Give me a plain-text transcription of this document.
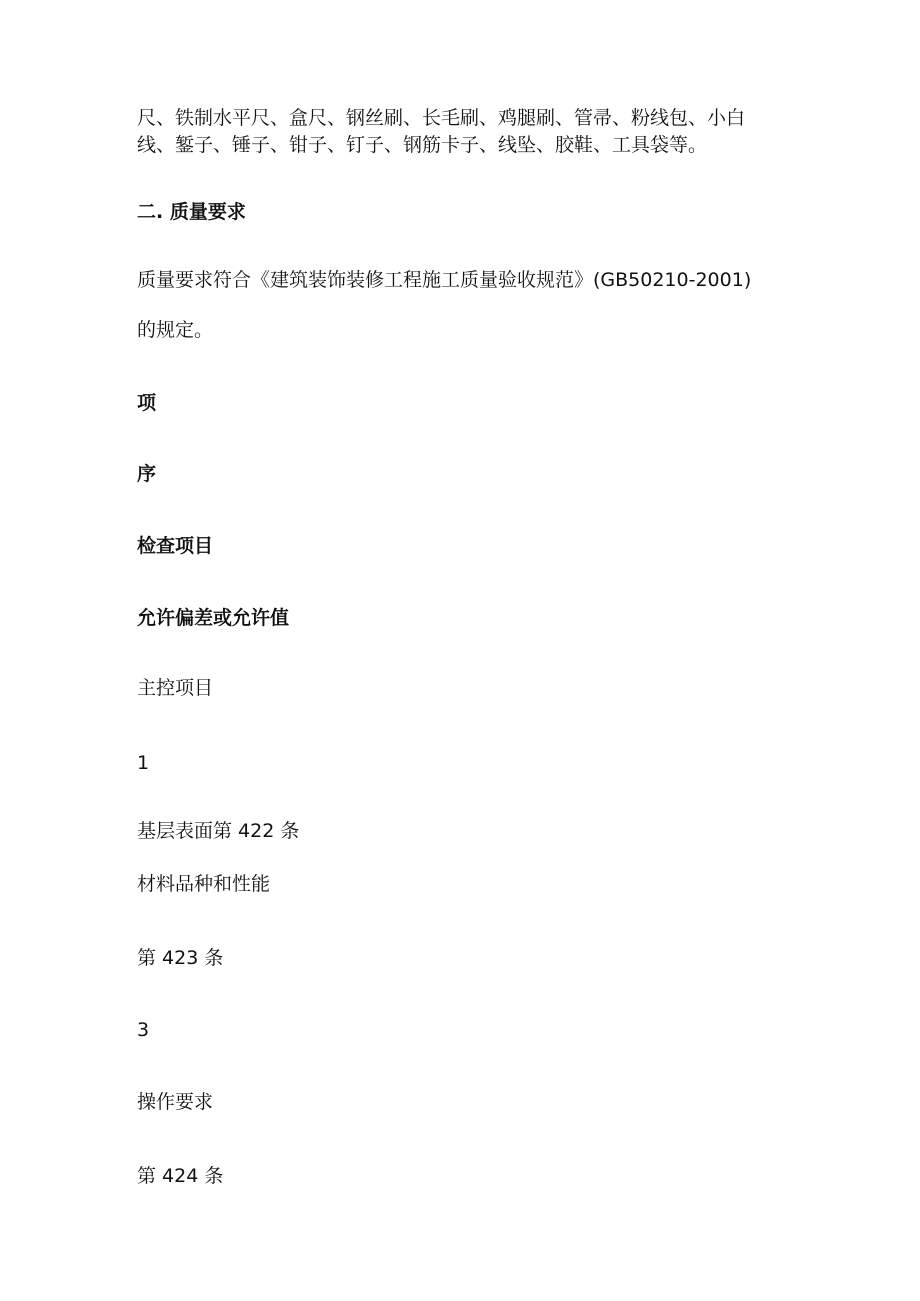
尺、铁制水平尺、盒尺、钢丝刷、长毛刷、鸡腿刷、管帚、粉线包、小白
线、錾子、锤子、钳子、钉子、钢筋卡子、线坠、胶鞋、工具袋等。
二. 质量要求
质量要求符合《建筑装饰装修工程施工质量验收规范》(GB50210-2001)
的规定。
项
序
检查项目
允许偏差或允许值
主控项目
1
基层表面第 422 条
材料品种和性能
第 423 条
3
操作要求
第 424 条
